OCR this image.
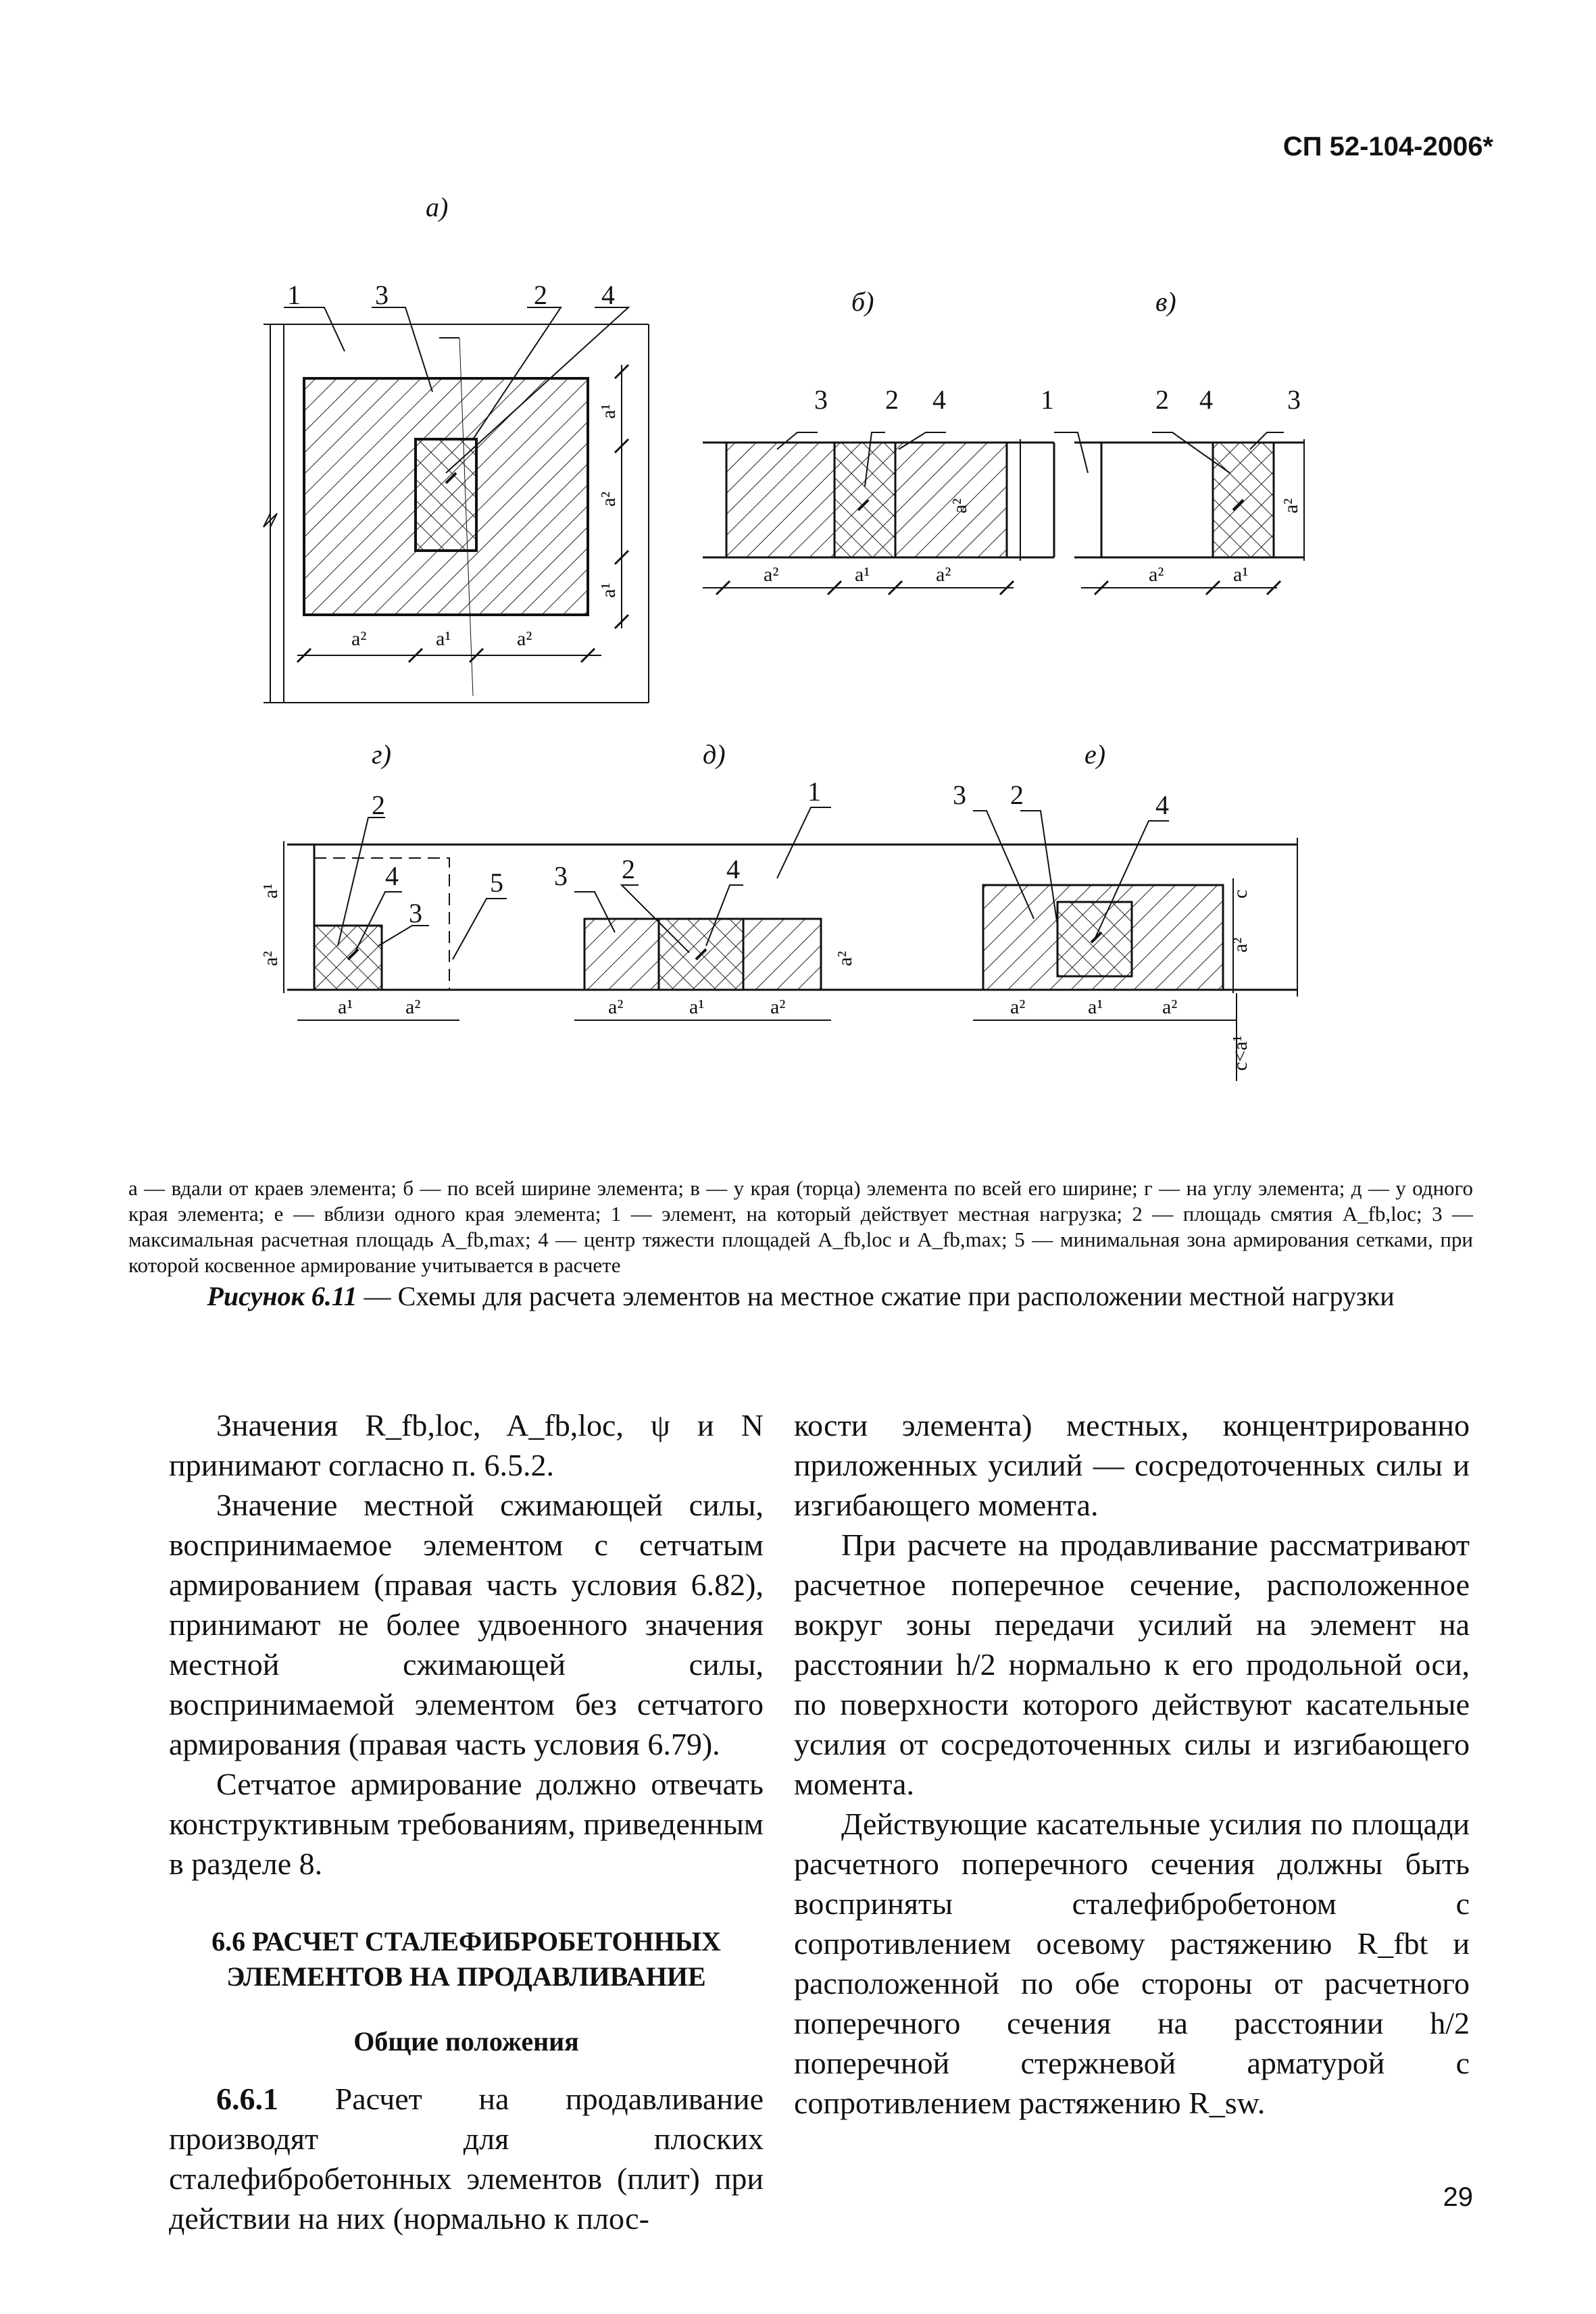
СП 52-104-2006*
а)
1	3	2 4
a²	a¹	a²
a¹
a²
a¹
б)
3 2 4	1
a²	a¹	a²
a²
в)
2 4	3
a²	a¹
a²
г)	д)	е)
2
4
3
5 3 2	4
1	3 2	4
a¹
a²
a¹	a²	a²	a¹	a²
a²
a²	a¹	a²
c
a²
c<a¹
а — вдали от краев элемента; б — по всей ширине элемента; в — у края (торца) элемента по всей его ширине; г — на углу элемента; д — у одного края элемента; е — вблизи одного края элемента; 1 — элемент, на который действует местная нагрузка; 2 — площадь смятия A_fb,loc; 3 — максимальная расчетная площадь A_fb,max; 4 — центр тяжести площадей A_fb,loc и A_fb,max; 5 — минимальная зона армирования сетками, при которой косвенное армирование учитывается в расчете
Рисунок 6.11 — Схемы для расчета элементов на местное сжатие при расположении местной нагрузки

Значения R_fb,loc, A_fb,loc, ψ и N принимают согласно п. 6.5.2.

Значение местной сжимающей силы, воспринимаемое элементом с сетчатым армированием (правая часть условия 6.82), принимают не более удвоенного значения местной сжимающей силы, воспринимаемой элементом без сетчатого армирования (правая часть условия 6.79).

Сетчатое армирование должно отвечать конструктивным требованиям, приведенным в разделе 8.

6.6 РАСЧЕТ СТАЛЕФИБРОБЕТОННЫХ ЭЛЕМЕНТОВ НА ПРОДАВЛИВАНИЕ
Общие положения

6.6.1 Расчет на продавливание производят для плоских сталефибробетонных элементов (плит) при действии на них (нормально к плос-

кости элемента) местных, концентрированно приложенных усилий — сосредоточенных силы и изгибающего момента.

При расчете на продавливание рассматривают расчетное поперечное сечение, расположенное вокруг зоны передачи усилий на элемент на расстоянии h/2 нормально к его продольной оси, по поверхности которого действуют касательные усилия от сосредоточенных силы и изгибающего момента.

Действующие касательные усилия по площади расчетного поперечного сечения должны быть восприняты сталефибробетоном с сопротивлением осевому растяжению R_fbt и расположенной по обе стороны от расчетного поперечного сечения на расстоянии h/2 поперечной стержневой арматурой с сопротивлением растяжению R_sw.

29
